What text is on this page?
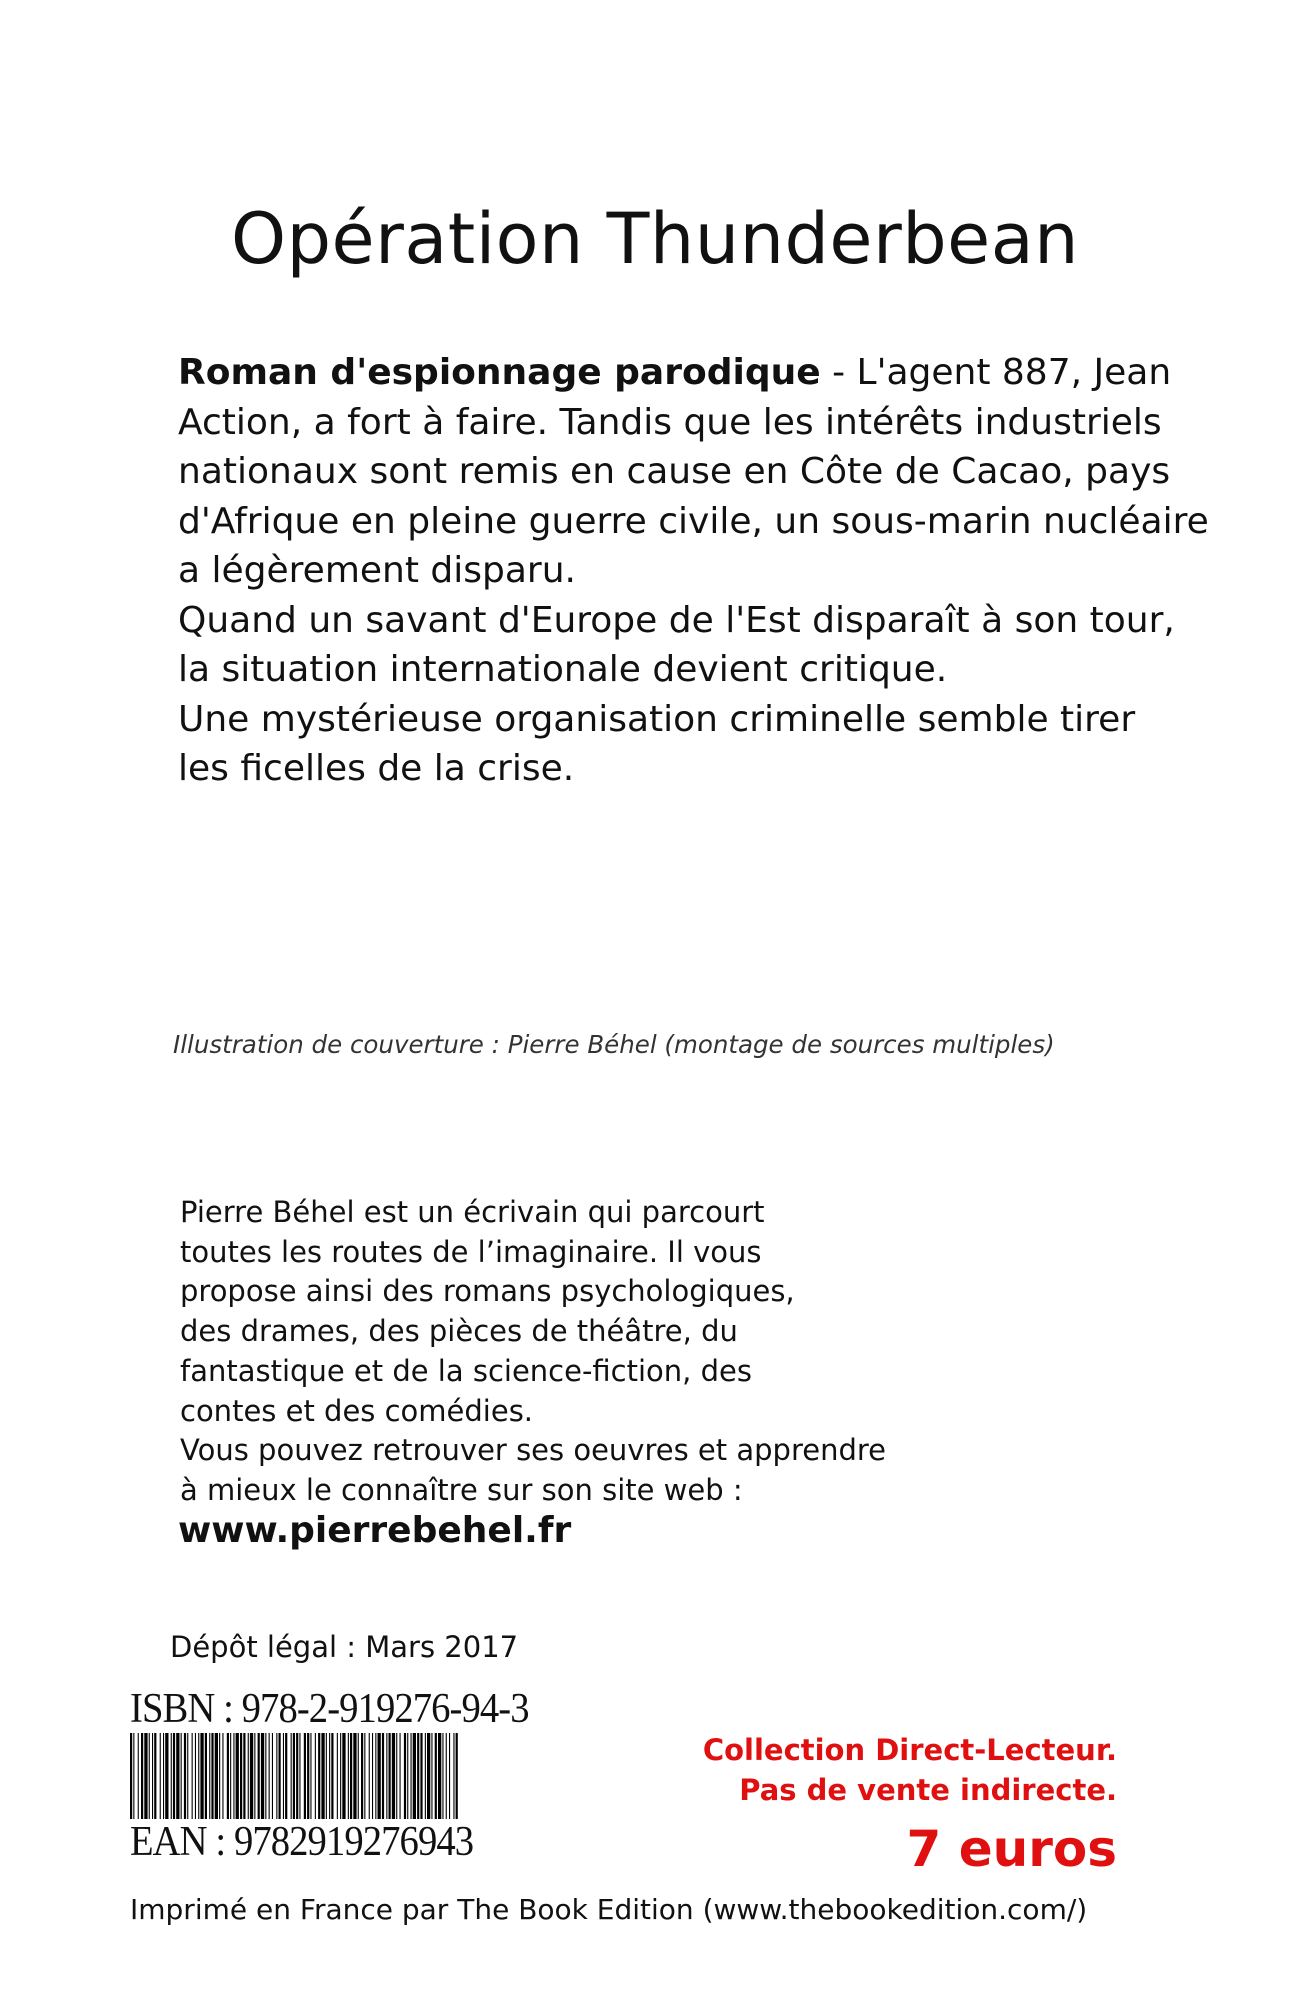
Opération Thunderbean
Roman d'espionnage parodique - L'agent 887, Jean
Action, a fort à faire. Tandis que les intérêts industriels
nationaux sont remis en cause en Côte de Cacao, pays
d'Afrique en pleine guerre civile, un sous-marin nucléaire
a légèrement disparu.
Quand un savant d'Europe de l'Est disparaît à son tour,
la situation internationale devient critique.
Une mystérieuse organisation criminelle semble tirer
les ficelles de la crise.
Illustration de couverture : Pierre Béhel (montage de sources multiples)
Pierre Béhel est un écrivain qui parcourt
toutes les routes de l’imaginaire. Il vous
propose ainsi des romans psychologiques,
des drames, des pièces de théâtre, du
fantastique et de la science-fiction, des
contes et des comédies.
Vous pouvez retrouver ses oeuvres et apprendre
à mieux le connaître sur son site web :
www.pierrebehel.fr
Dépôt légal : Mars 2017
ISBN : 978-2-919276-94-3
EAN : 9782919276943
Collection Direct-Lecteur.
Pas de vente indirecte.
7 euros
Imprimé en France par The Book Edition (www.thebookedition.com/)
